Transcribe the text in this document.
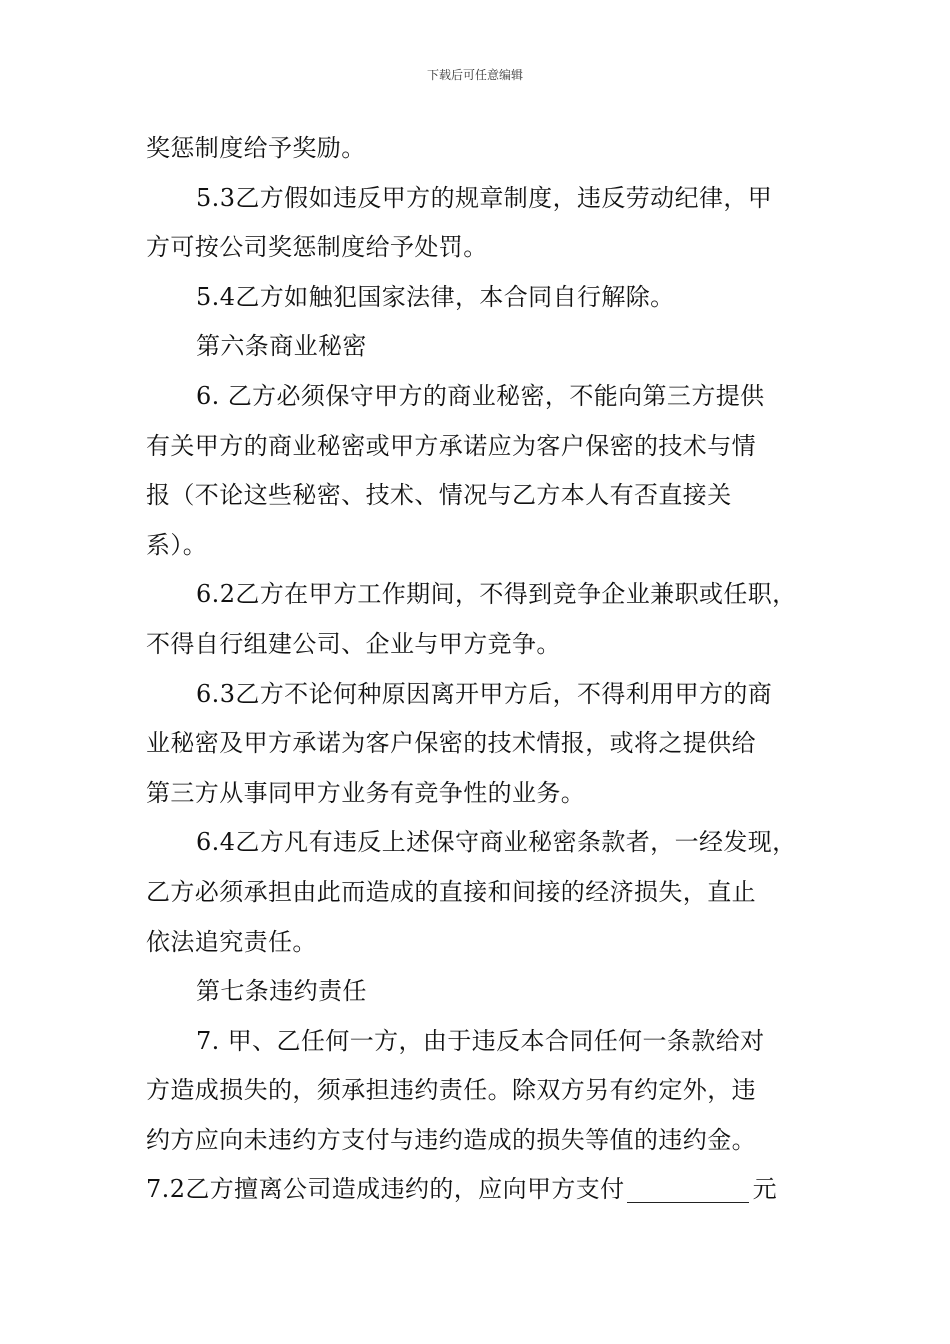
下载后可任意编辑
奖惩制度给予奖励。
5.3乙方假如违反甲方的规章制度，违反劳动纪律，甲
方可按公司奖惩制度给予处罚。
5.4乙方如触犯国家法律，本合同自行解除。
第六条商业秘密
6. 乙方必须保守甲方的商业秘密，不能向第三方提供
有关甲方的商业秘密或甲方承诺应为客户保密的技术与情
报（不论这些秘密、技术、情况与乙方本人有否直接关
系）。
6.2乙方在甲方工作期间，不得到竞争企业兼职或任职，
不得自行组建公司、企业与甲方竞争。
6.3乙方不论何种原因离开甲方后，不得利用甲方的商
业秘密及甲方承诺为客户保密的技术情报，或将之提供给
第三方从事同甲方业务有竞争性的业务。
6.4乙方凡有违反上述保守商业秘密条款者，一经发现，
乙方必须承担由此而造成的直接和间接的经济损失，直止
依法追究责任。
第七条违约责任
7. 甲、乙任何一方，由于违反本合同任何一条款给对
方造成损失的，须承担违约责任。除双方另有约定外，违
约方应向未违约方支付与违约造成的损失等值的违约金。
7.2乙方擅离公司造成违约的，应向甲方支付	元
